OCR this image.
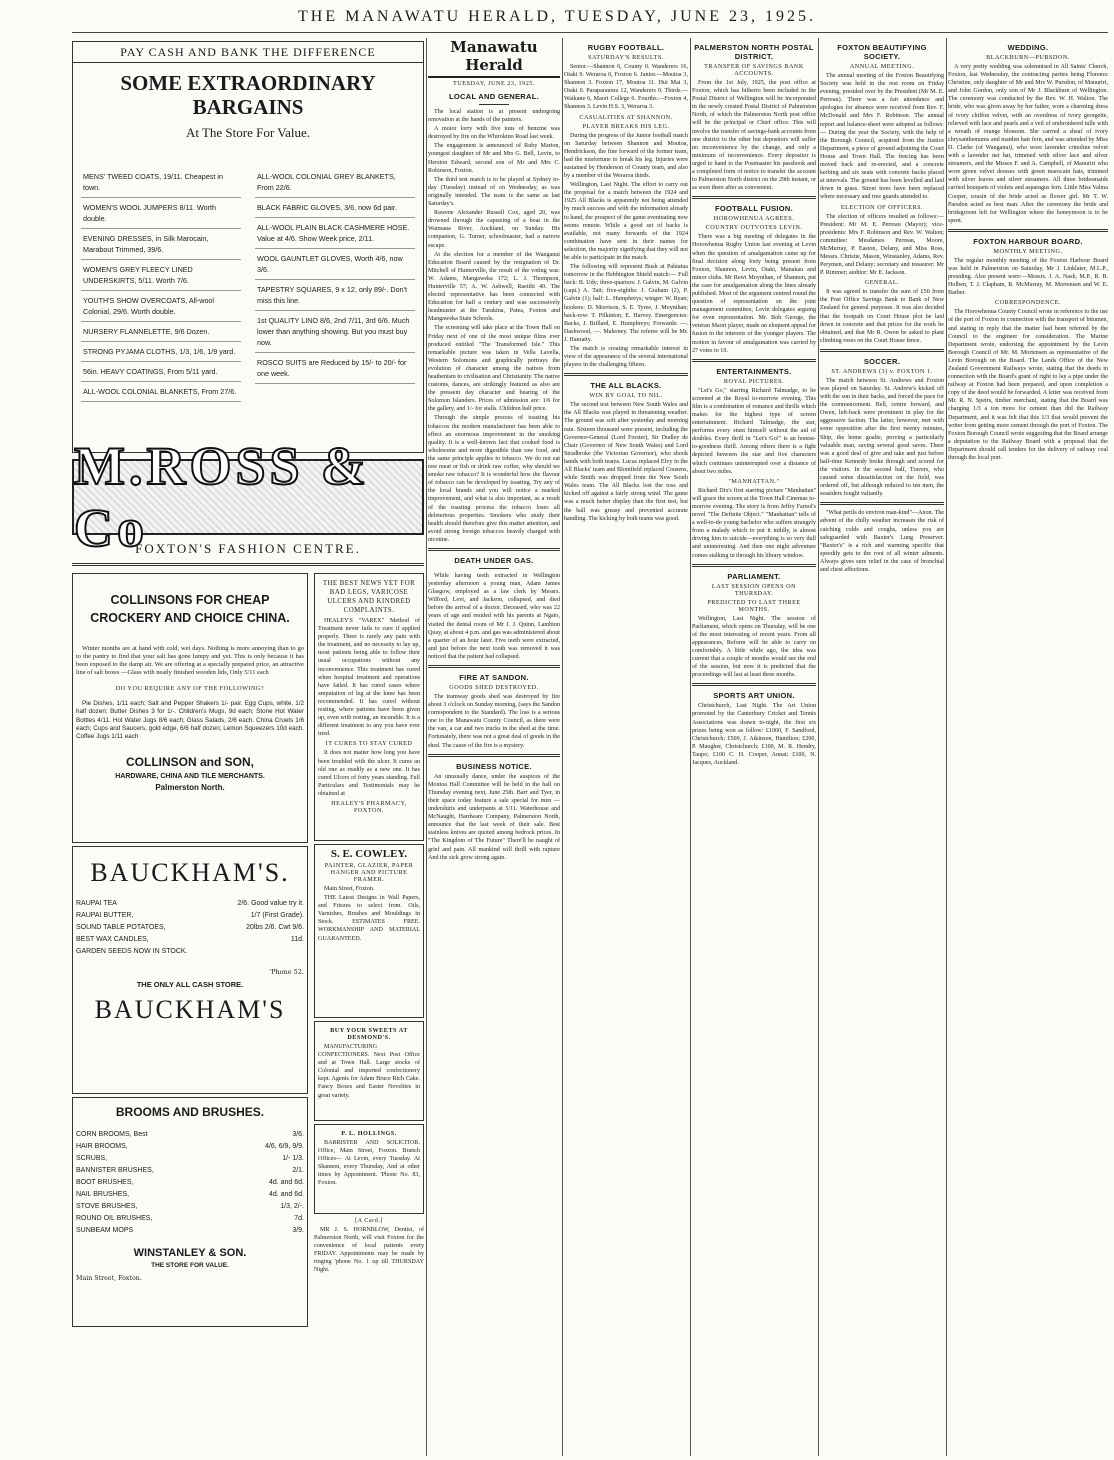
THE MANAWATU HERALD, TUESDAY, JUNE 23, 1925.
PAY CASH AND BANK THE DIFFERENCE
SOME EXTRAORDINARY
BARGAINS
At The Store For Value.
MENS' TWEED COATS, 19/11. Cheapest in town.
WOMEN'S WOOL JUMPERS 8/11. Worth double.
EVENING DRESSES, in Silk Marocain, Marabout Trimmed, 39/6.
WOMEN'S GREY FLEECY LINED UNDERSKIRTS, 5/11. Worth 7/6.
YOUTH'S SHOW OVERCOATS, All-wool Colonial, 29/6. Worth double.
NURSERY FLANNELETTE, 9/6 Dozen.
STRONG PYJAMA CLOTHS, 1/3, 1/6, 1/9 yard.
56in. HEAVY COATINGS, From 5/11 yard.
ALL-WOOL COLONIAL BLANKETS, From 27/6.
ALL-WOOL COLONIAL GREY BLANKETS, From 22/6.
BLACK FABRIC GLOVES, 3/6, now 6d pair.
ALL-WOOL PLAIN BLACK CASHMERE HOSE. Value at 4/6. Show Week price, 2/11.
WOOL GAUNTLET GLOVES, Worth 4/6, now 3/6.
TAPESTRY SQUARES, 9 x 12, only 89/-. Don't miss this line.
1st QUALITY LINO 8/6, 2nd 7/11, 3rd 6/6. Much lower than anything showing. But you must buy now.
ROSCO SUITS are Reduced by 15/- to 20/- for one week.
M.ROSS & Co
FOXTON'S FASHION CENTRE.
COLLINSONS FOR CHEAP CROCKERY AND CHOICE CHINA.
Winter months are at hand with cold, wet days. Nothing is more annoying than to go to the pantry to find that your salt has gone lumpy and yet. This is only because it has been exposed to the damp air. We are offering at a specially prepared price, an attractive line of salt boxes —Glass with neatly finished wooden lids, Only 5/11 each
DO YOU REQUIRE ANY OF THE FOLLOWING?
Pie Dishes, 1/11 each; Salt and Pepper Shakers 1/- pair. Egg Cups, white, 1/2 half dozen; Butter Dishes 3 for 1/-. Children's Mugs, 9d each; Stone Hot Water Bottles 4/11. Hot Water Jugs 8/6 each; Glass Salads, 2/6 each. China Cruets 1/6 each; Cups and Saucers, gold edge, 6/6 half dozen; Lemon Squeezers 10d each. Coffee Jugs 1/11 each
COLLINSON and SON,
HARDWARE, CHINA AND TILE MERCHANTS.
Palmerston North.
BAUCKHAM'S.
RAUPAI TEA	2/6. Good value try it.
RAUPAI BUTTER,	1/7 (First Grade).
SOUND TABLE POTATOES,	20lbs 2/6. Cwt 9/6.
BEST WAX CANDLES,	11d.
GARDEN SEEDS NOW IN STOCK.
'Phone 52.
THE ONLY ALL CASH STORE.
BAUCKHAM'S
BROOMS AND BRUSHES.
CORN BROOMS, Best	3/6.
HAIR BROOMS,	4/6, 6/9, 9/9.
SCRUBS,	1/- 1/3.
BANNISTER BRUSHES,	2/1.
BOOT BRUSHES,	4d. and 6d.
NAIL BRUSHES,	4d. and 6d.
STOVE BRUSHES,	1/3, 2/-.
ROUND OIL BRUSHES,	7d.
SUNBEAM MOPS	3/9.
WINSTANLEY & SON.
THE STORE FOR VALUE.
Main Street, Foxton.
THE BEST NEWS YET FOR BAD LEGS, VARICOSE ULCERS AND KINDRED COMPLAINTS.
HEALEY'S "VAREX" Method of Treatment never fails to cure if applied properly. There is rarely any pain with the treatment, and no necessity to lay up, most patients being able to follow their usual occupations without any inconvenience. This treatment has cured when hospital treatment and operations have failed. It has cured cases where amputation of leg at the knee has been recommended. It has cured without resting, where patients have been given up, even with resting, an incurable. It is a different treatment to any you have ever tried.
IT CURES TO STAY CURED
It does not matter how long you have been troubled with the ulcer. It cures an old one as readily as a new one. It has cured Ulcers of forty years standing. Full Particulars and Testimonials may be obtained at
HEALEY'S PHARMACY, FOXTON.
S. E. COWLEY.
PAINTER, GLAZIER, PAPER HANGER AND PICTURE FRAMER.
Main Street, Foxton.
THE Latest Designs in Wall Papers, and Friezes to select from. Oils, Varnishes, Brushes and Mouldings in Stock. ESTIMATES FREE. WORKMANSHIP AND MATERIAL GUARANTEED.
BUY YOUR SWEETS AT DESMOND'S.
MANUFACTURING CONFECTIONERS. Next Post Office and at Town Hall. Large stocks of Colonial and imported confectionery kept. Agents for Adam Bruce Rich Cake. Fancy Boxes and Easter Novelties in great variety.
P. L. HOLLINGS.
BARRISTER AND SOLICITOR. Office, Main Street, Foxton. Branch Offices— At Levin, every Tuesday. At Shannon, every Thursday, And at other times by Appointment. 'Phone No. 83, Foxton.
[A Card.]
MR J. S. HORNBLOW, Dentist, of Palmerston North, will visit Foxton for the convenience of local patients every FRIDAY. Appointments may be made by ringing 'phone No. 1 up till THURSDAY Night.
Manawatu Herald
TUESDAY, JUNE 23, 1925.
LOCAL AND GENERAL.
The local station is at present undergoing renovation at the hands of the painters.
A motor lorry with five tons of benzine was destroyed by fire on the Whirokino Road last week.
The engagement is announced of Ruby Marion, youngest daughter of Mr and Mrs G. Bell, Levin, to Herston Edward, second son of Mr and Mrs C. Robinson, Foxton.
The third test match is to be played at Sydney to-day (Tuesday) instead of on Wednesday, as was originally intended. The team is the same as last Saturday's.
Rawene Alexander Russell Cox, aged 20, was drowned through the capsizing of a boat in the Waimana River, Auckland, on Sunday. His companion, G. Turner, schoolmaster, had a narrow escape.
At the election for a member of the Wanganui Education Board caused by the resignation of Dr. Mitchell of Hunterville, the result of the voting was: W. Adams, Mangaweka 172; L. J. Thompson, Hunterville 57; A. W. Ashwell, Raetihi 40. The elected representative has been connected with Education for half a century and was successively headmaster at the Turakina, Patea, Foxton and Mangaweka State Schools.
The screening will take place at the Town Hall on Friday next of one of the most unique films ever produced entitled "The Transformed Isle." This remarkable picture was taken in Vella Lavella, Western Solomons and graphically portrays the evolution of character among the natives from heathenism to civilisation and Christianity. The native customs, dances, are strikingly featured as also are the pressent day character and bearing of the Solomon Islanders. Prices of admission are: 1/6 for the gallery, and 1/- for stalls. Children half price.
Through the simple process of toasting his tobaccos the modern manufacturer has been able to effect an enormous improvement in the smoking quality. It is a well-known fact that cooked food is wholesome and more digestible than raw food, and the same principle applies to tobacco. We do not eat raw meat or fish or drink raw coffee, why should we smoke raw tobacco? It is wonderful how the flavour of tobacco can be developed by toasting. Try any of the local brands and you will notice a marked improvement, and what is also important, as a result of the toasting process the tobacco loses all deleterious properties. Smokers who study their health should therefore give this matter attention, and avoid strong foreign tobaccos heavily charged with nicotine.
DEATH UNDER GAS.
While having teeth extracted in Wellington yesterday afternoon a young man, Adam James Glasgow, employed as a law clerk by Messrs. Wilford, Levi, and Jackson, collapsed, and died before the arrival of a doctor. Deceased, who was 22 years of age and resided with his parents at Ngaio, visited the dental room of Mr J. J. Quinn, Lambton Quay, at about 4 p.m. and gas was administered about a quarter of an hour later. Five teeth were extracted, and just before the next tooth was removed it was noticed that the patient had collapsed.
FIRE AT SANDON.
GOODS SHED DESTROYED.
The tramway goods shed was destroyed by fire about 3 o'clock on Sunday morning, (says the Sandon correspondent to the Standard). The loss is a serious one to the Manawatu County Council, as there were the van, a car and two trucks in the shed at the time. Fortunately, there was not a great deal of goods in the shed. The cause of the fire is a mystery.
BUSINESS NOTICE.
An unusually dance, under the auspices of the Moutoa Hall Committee will be held in the hall on Thursday evening next, June 25th. Barr and Tyer, in their space today feature a sale special for men —undershirts and underpants at 5/11. Waterhouse and McNaught, Hardware Company, Palmerston North, announce that the last week of their sale. Best stainless knives are quoted among bedrock prices. In "The Kingdom of The Future" There'll be naught of grief and pain. All mankind will thrill with rapture And the sick grow strong again.
RUGBY FOOTBALL.
SATURDAY'S RESULTS.
Senior.—Shannon 6, County 0. Wanderers 16, Otaki 9. Weraroa 0, Foxton 6. Junior.—Moutoa 3, Shannon 3. Foxton 17, Moutoa 11. Hui Mai 3, Otaki 0. Paraparaumu 12, Wanderers 0. Thirds.—Waikane 6, Maori College 6. Fourths.—Foxton 4, Shannon 3. Levin H.S. 3, Weraroa 3.
CASUALITIES AT SHANNON.
PLAYER BREAKS HIS LEG.
During the progress of the Junior football match on Saturday between Shannon and Moutoa, Hendrickson, the fine forward of the former team, had the misfortune to break his leg. Injuries were sustained by Henderson of County team, and also by a member of the Weraroa thirds.
Wellington, Last Night. The effort to carry out the proposal for a match between the 1924 and 1925 All Blacks is apparently not being attended by much success and with the information already to hand, the prospect of the game eventuating now seems remote. While a good set of backs is available, not many forwards of the 1924 combination have sent in their names for selection, the majority signifying that they will not be able to participate in the match.
The following will represent Bush at Pahiatua tomorrow in the Hebbington Shield match:— Full back: B. Udy; three-quarters: J. Galvin, M. Galvin (capt.) A. Tait; five-eighths: J. Graham (2), P. Galvin (1); half: L. Humphreys; winger: W. Ryan; hookers: D. Morrison, S. E. Tyree, J. Moynihan; back-row: T. Pilkinton, E. Harvey. Emergencies: Backs, J. Brillard, E. Humphreys; Forwards: —. Dashwood, —. Mahoney. The referee will be Mr. J. Hanratty.
The match is creating remarkable interest in view of the appearance of the several international players in the challenging fifteen.
THE ALL BLACKS.
WIN BY GOAL TO NIL.
The second test between New South Wales and the All Blacks was played in threatening weather. The ground was soft after yesterday and morning rain. Sixteen thousand were present, including the Governor-General (Lord Forster), Sir Dudley de Chair (Governor of New South Wales) and Lord Stradbroke (the Victorian Governor), who shook hands with both teams. Lucas replaced Elvy in the All Blacks' team and Blomfield replaced Cousens, while Smith was dropped from the New South Wales team. The All Blacks lost the toss and kicked off against a fairly strong wind. The game was a much better display than the first test, but the ball was greasy and prevented accurate handling. The kicking by both teams was good.
PALMERSTON NORTH POSTAL DISTRICT.
TRANSFER OF SAVINGS BANK ACCOUNTS.
From the 1st July, 1925, the post office at Foxton, which has hitherto been included in the Postal District of Wellington will be incorporated in the newly created Postal District of Palmerston North, of which the Palmerston North post office will be the principal or Chief office. This will involve the transfer of savings-bank accounts from one district to the other but depositors will suffer no inconvenience by the change, and only a minimum of inconvenience. Every depositor is urged to hand to the Postmaster his passbook and a completed form of notice to transfer the account to Palmerston North district on the 29th instant, or as soon there after as convenient.
FOOTBALL FUSION.
HOROWHENUA AGREES.
COUNTRY OUTVOTES LEVIN.
There was a big meeting of delegates in the Horowhenua Rugby Union last evening at Levin when the question of amalgamation came up for final decision along forty being present from Foxton, Shannon, Levin, Otaki, Manakau and minor clubs. Mr Rewi Moynihan, of Shannon, put the case for amalgamation along the lines already published. Most of the argument centred round the question of representation on the joint management committee, Levin delegates arguing for even representation. Mr. Bob George, the veteran Maori player, made an eloquent appeal for fusion in the interests of the younger players. The motion in favour of amalgamation was carried by 27 votes to 10.
ENTERTAINMENTS.
ROYAL PICTURES.
"Let's Go," starring Richard Talmadge, to be screened at the Royal to-morrow evening. This film is a combination of romance and thrills which makes for the highest type of screen entertainment. Richard Talmadge, the star, performs every stunt himself without the aid of doubles. Every thrill in "Let's Go!" is an honest-to-goodness thrill. Among others there is a fight depicted between the star and five characters which continues uninterrupted over a distance of about two miles.
"MANHATTAN."
Richard Dix's first starring picture "Manhattan" will grace the screen at the Town Hall Cinemas to-morrow evening. The story is from Jeffry Farnol's novel "The Definite Object." "Manhattan" tells of a well-to-do young bachelor who suffers strangely from a malady which to put it mildly, is almost driving him to suicide—everything is so very dull and uninteresting. And then one night adventure comes stalking in through his library window.
PARLIAMENT.
LAST SESSION OPENS ON THURSDAY.
PREDICTED TO LAST THREE MONTHS.
Wellington, Last Night. The session of Parliament, which opens on Thursday, will be one of the most interesting of recent years. From all appearances, Reform will be able to carry on comfortably. A little while ago, the idea was current that a couple of months would see the end of the session, but now it is predicted that the proceedings will last at least three months.
SPORTS ART UNION.
Christchurch, Last Night. The Art Union promoted by the Canterbury Cricket and Tennis Associations was drawn to-night, the first six prizes being won as follow: £1000, F. Sandford, Christchurch; £500, J. Atkinson, Hamilton; £200, P. Maugher, Christchurch; £100, M. R. Hendry, Taupo; £100 C. H. Cooper, Annat; £100, N. Jacques, Auckland.
FOXTON BEAUTIFYING SOCIETY.
ANNUAL MEETING.
The annual meeting of the Foxton Beautifying Society was held in the rest room on Friday evening, presided over by the President (Mr M. E. Perreau). There was a fair attendance and apologies for absence were received from Rev. F. McDonald and Mrs F. Robinson. The annual report and balance-sheet were adopted as follows:— During the year the Society, with the help of the Borough Council, acquired from the Justice Department, a piece of ground adjoining the Court House and Town Hall. The fencing has been moved back and re-erected, and a concrete kerbing and six seats with concrete backs placed at intervals. The ground has been levelled and laid down in grass. Street trees have been replaced where necessary and tree guards attended to.
ELECTION OF OFFICERS.
The election of officers resulted as follows:— President: Mr M. E. Perreau (Mayor); vice-presidents: Mrs F. Robinson and Rev. W. Walton; committee: Mesdames Perreau, Moore, McMurray, P. Easton, Delany, and Miss Ross, Messrs. Christie, Mason, Winstanley, Adams, Rev. Perymen, and Delany; secretary and treasurer: Mr P. Rimmer; auditor: Mr E. Jackson.
GENERAL.
It was agreed to transfer the sum of £50 from the Post Office Savings Bank to Bank of New Zealand for general purposes. It was also decided that the footpath on Court House plot be laid down in concrete and that prices for the work be obtained, and that Mr R. Owen be asked to plant climbing roses on the Court House fence.
SOCCER.
ST. ANDREWS (3) v. FOXTON 1.
The match between St. Andrews and Foxton was played on Saturday. St. Andrew's kicked off with the sun in their backs, and forced the pace for the commencement. Bell, centre forward, and Owen, left-back were prominent in play for the aggressive faction. The latter, however, met with some opposition after the first twenty minutes, Ship, the home goalie, proving a particularly valuable man, saving several good saves. There was a good deal of give and take and just before half-time Kennedy broke through and scored for the visitors. In the second half, Travers, who caused some dissatisfaction on the field, was ordered off, but although reduced to ten men, the seasiders fought valiantly.
"What perils do environ man-kind"—Anon. The advent of the chilly weather increases the risk of catching colds and coughs, unless you are safeguarded with Baxter's Lung Preserver. "Baxter's" is a rich and warming specific that speedily gets to the root of all winter ailments. Always gives sure relief in the case of bronchial and chest affections.
WEDDING.
BLACKBURN—PURSDON.
A very pretty wedding was solemnised in All Saints' Church, Foxton, last Wednesday, the contracting parties being Florence Christine, only daughter of Mr and Mrs W. Pursdon, of Manuriri, and John Gordon, only son of Mr J. Blackburn of Wellington. The ceremony was conducted by the Rev. W. H. Walton. The bride, who was given away by her father, wore a charming dress of ivory chiffon velvet, with an overdress of ivory georgette, relieved with lace and pearls and a veil of embroidered tulle with a wreath of orange blossom. She carried a sheaf of ivory chrysanthemums and maiden hair fern, and was attended by Miss D. Clarke (of Wanganui), who wore lavender crinoline velvet with a lavender net hat, trimmed with silver lace and silver streamers, and the Misses F. and A. Campbell, of Manuriri who wore green velvet dresses with green marocain hats, trimmed with silver leaves and silver streamers. All three bridesmaids carried bouquets of violets and asparagus fern. Little Miss Valma Cooper, cousin of the bride acted as flower girl. Mr T. W. Parsdon acted as best man. After the ceremony the bride and bridegroom left for Wellington where the honeymoon is to be spent.
FOXTON HARBOUR BOARD.
MONTHLY MEETING.
The regular monthly meeting of the Foxton Harbour Board was held in Palmerston on Saturday, Mr J. Linklater, M.L.P., presiding. Also present were:—Messrs. J. A. Nash, M.P., R. B. Holben, T. J. Clapham, R. McMurray, M. Mortensen and W. E. Barber.
CORRESPONDENCE.
The Horowhenua County Council wrote in reference to the use of the port of Foxton in connection with the transport of bitumen, and stating in reply that the matter had been referred by the Council to the engineer for consideration. The Marine Department wrote, endorsing the appointment by the Levin Borough Council of Mr. M. Mortensen as representative of the Levin Borough on the Board. The Lands Office of the New Zealand Government Railways wrote, stating that the deeds in connection with the Board's grant of right to lay a pipe under the railway at Foxton had been prepared, and upon completion a copy of the deed would be forwarded. A letter was received from Mr. R. N. Speirs, timber merchant, stating that the Board was charging 1/3 a ton more for cement than did the Railway Department, and it was felt that this 1/3 that would prevent the writer from getting more cement through the port of Foxton. The Foxton Borough Council wrote suggesting that the Board arrange a deputation to the Railway Board with a proposal that the Department should call tenders for the delivery of railway coal through the local port.
